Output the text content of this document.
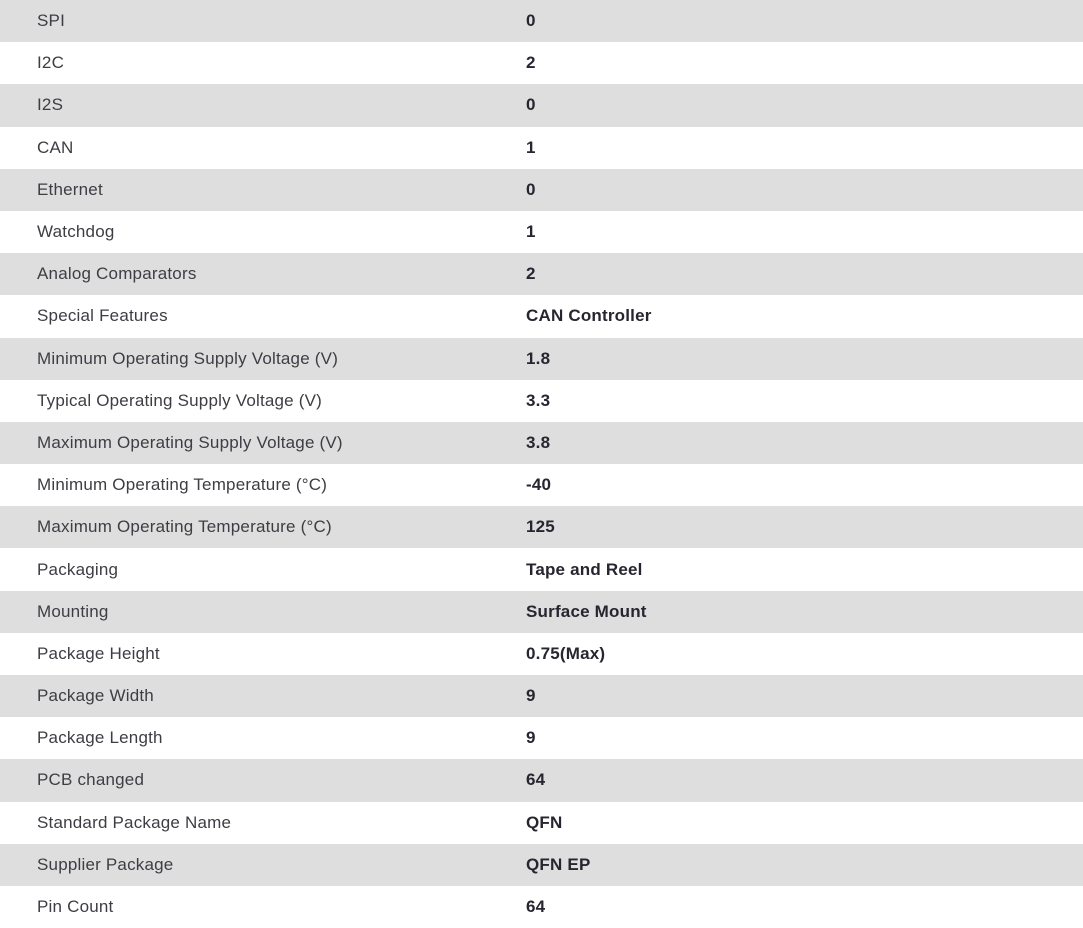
SPI	0
I2C	2
I2S	0
CAN	1
Ethernet	0
Watchdog	1
Analog Comparators	2
Special Features	CAN Controller
Minimum Operating Supply Voltage (V)	1.8
Typical Operating Supply Voltage (V)	3.3
Maximum Operating Supply Voltage (V)	3.8
Minimum Operating Temperature (°C)	-40
Maximum Operating Temperature (°C)	125
Packaging	Tape and Reel
Mounting	Surface Mount
Package Height	0.75(Max)
Package Width	9
Package Length	9
PCB changed	64
Standard Package Name	QFN
Supplier Package	QFN EP
Pin Count	64
